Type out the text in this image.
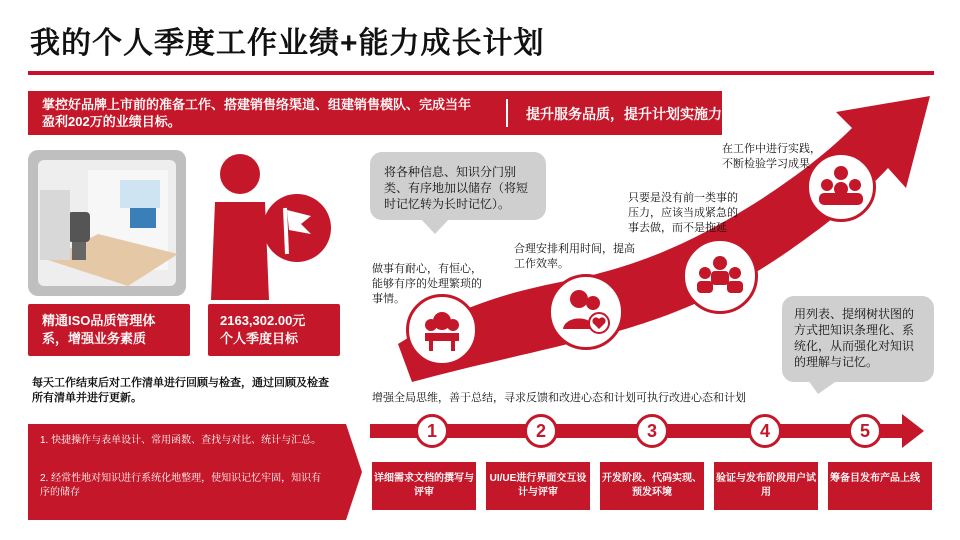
我的个人季度工作业绩+能力成长计划
掌控好品牌上市前的准备工作、搭建销售络渠道、组建销售模队、完成当年盈利202万的业绩目标。	提升服务品质，提升计划实施力度
精通ISO品质管理体系，增强业务素质
2163,302.00元
个人季度目标
每天工作结束后对工作清单进行回顾与检查，通过回顾及检查所有清单并进行更新。
1. 快捷操作与表单设计、常用函数、查找与对比、统计与汇总。
2. 经常性地对知识进行系统化地整理，使知识记忆牢固，知识有序的储存
将各种信息、知识分门别类、有序地加以储存（将短时记忆转为长时记忆）。
用列表、提纲树状图的方式把知识条理化、系统化，从而强化对知识的理解与记忆。
做事有耐心，有恒心，能够有序的处理繁琐的事情。
合理安排利用时间，提高工作效率。
只要是没有前一类事的压力，应该当成紧急的事去做，而不是拖延
在工作中进行实践，不断检验学习成果
增强全局思维，善于总结，寻求反馈和改进心态和计划可执行改进心态和计划
1	2	3	4	5
详细需求文档的撰写与评审
UI/UE进行界面交互设计与评审
开发阶段、代码实现、预发环境
验证与发布阶段用户试用
筹备目发布产品上线
